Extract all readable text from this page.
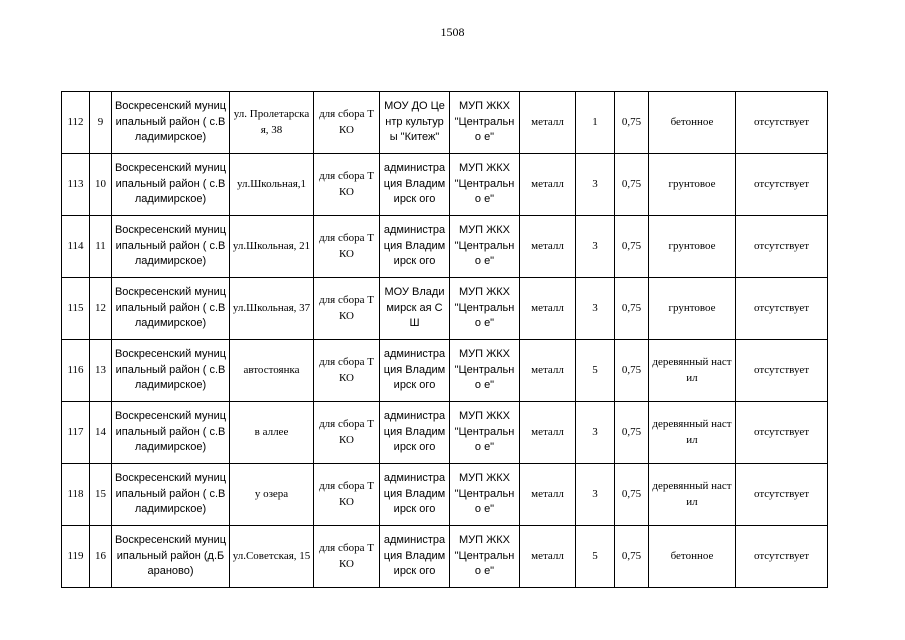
1508
112	9	Воскресенский муниципальный район ( с.Владимирское)	ул. Пролетарская, 38	для сбора ТКО	МОУ ДО Центр культуры "Китеж"	МУП ЖКХ "Центрально е"	металл	1	0,75	бетонное	отсутствует
113	10	Воскресенский муниципальный район ( с.Владимирское)	ул.Школьная,1	для сбора ТКО	администра ция Владимирск ого	МУП ЖКХ "Центрально е"	металл	3	0,75	грунтовое	отсутствует
114	11	Воскресенский муниципальный район ( с.Владимирское)	ул.Школьная, 21	для сбора ТКО	администра ция Владимирск ого	МУП ЖКХ "Центрально е"	металл	3	0,75	грунтовое	отсутствует
115	12	Воскресенский муниципальный район ( с.Владимирское)	ул.Школьная, 37	для сбора ТКО	МОУ Владимирск ая СШ	МУП ЖКХ "Центрально е"	металл	3	0,75	грунтовое	отсутствует
116	13	Воскресенский муниципальный район ( с.Владимирское)	автостоянка	для сбора ТКО	администра ция Владимирск ого	МУП ЖКХ "Центрально е"	металл	5	0,75	деревянный настил	отсутствует
117	14	Воскресенский муниципальный район ( с.Владимирское)	в аллее	для сбора ТКО	администра ция Владимирск ого	МУП ЖКХ "Центрально е"	металл	3	0,75	деревянный настил	отсутствует
118	15	Воскресенский муниципальный район ( с.Владимирское)	у озера	для сбора ТКО	администра ция Владимирск ого	МУП ЖКХ "Центрально е"	металл	3	0,75	деревянный настил	отсутствует
119	16	Воскресенский муниципальный район (д.Бараново)	ул.Советская, 15	для сбора ТКО	администра ция Владимирск ого	МУП ЖКХ "Центрально е"	металл	5	0,75	бетонное	отсутствует
